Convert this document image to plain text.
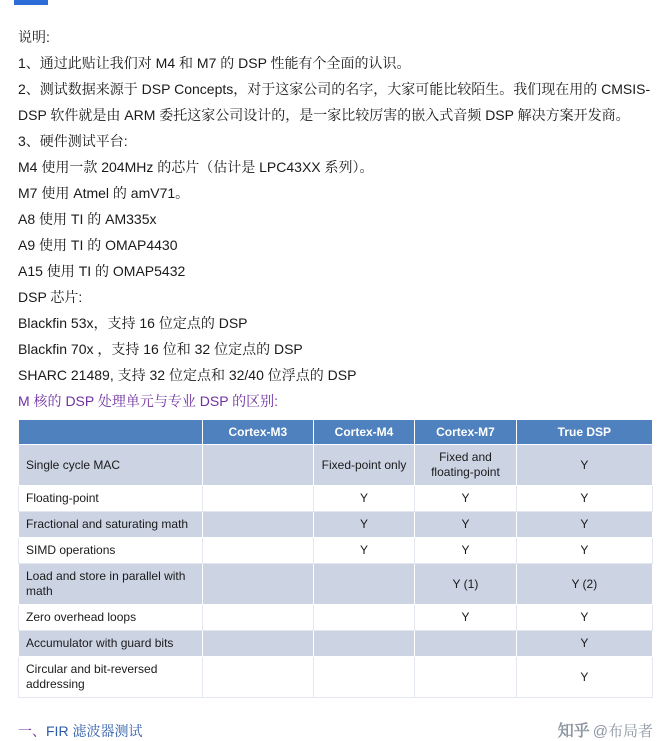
说明:

1、通过此贴让我们对 M4 和 M7 的 DSP 性能有个全面的认识。

2、测试数据来源于 DSP Concepts，对于这家公司的名字，大家可能比较陌生。我们现在用的 CMSIS-DSP 软件就是由 ARM 委托这家公司设计的，是一家比较厉害的嵌入式音频 DSP 解决方案开发商。

3、硬件测试平台:

M4 使用一款 204MHz 的芯片（估计是 LPC43XX 系列）。

M7 使用 Atmel 的 amV71。

A8 使用 TI 的 AM335x

A9 使用 TI 的 OMAP4430

A15 使用 TI 的 OMAP5432

DSP 芯片:

Blackfin 53x，支持 16 位定点的 DSP

Blackfin 70x ，支持 16 位和 32 位定点的 DSP

SHARC 21489, 支持 32 位定点和 32/40 位浮点的 DSP

M 核的 DSP 处理单元与专业 DSP 的区别:

	Cortex-M3	Cortex-M4	Cortex-M7	True DSP
Single cycle MAC		Fixed-point only	Fixed and floating-point	Y
Floating-point		Y	Y	Y
Fractional and saturating math		Y	Y	Y
SIMD operations		Y	Y	Y
Load and store in parallel with math			Y (1)	Y (2)
Zero overhead loops			Y	Y
Accumulator with guard bits				Y
Circular and bit-reversed addressing				Y
一、FIR 滤波器测试	知乎 @布局者
